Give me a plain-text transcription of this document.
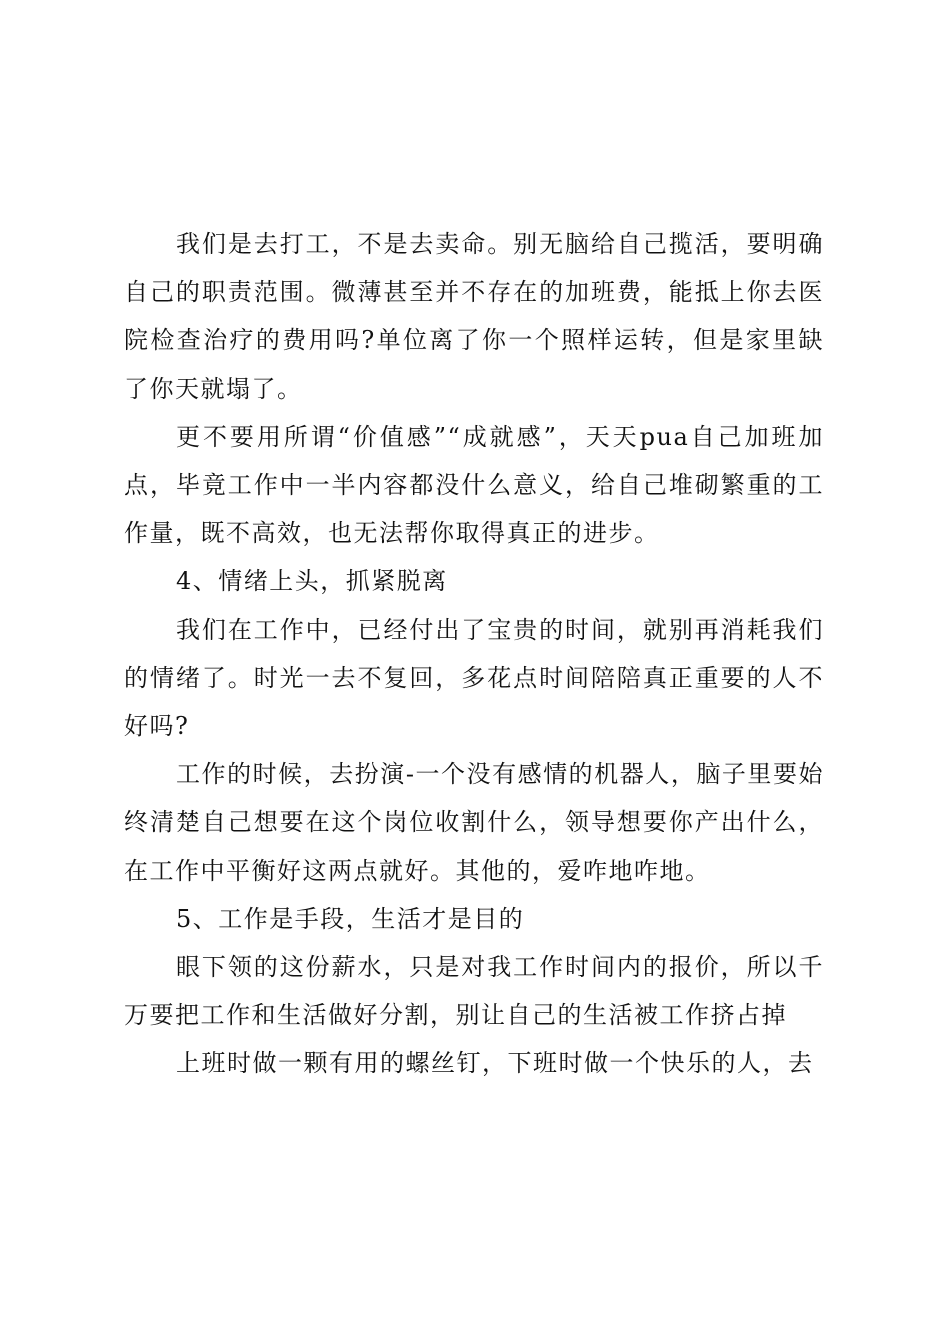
我们是去打工，不是去卖命。别无脑给自己揽活，要明确自己的职责范围。微薄甚至并不存在的加班费，能抵上你去医院检查治疗的费用吗?单位离了你一个照样运转，但是家里缺了你天就塌了。

更不要用所谓“价值感”“成就感”，天天pua自己加班加点，毕竟工作中一半内容都没什么意义，给自己堆砌繁重的工作量，既不高效，也无法帮你取得真正的进步。

4、情绪上头，抓紧脱离

我们在工作中，已经付出了宝贵的时间，就别再消耗我们的情绪了。时光一去不复回，多花点时间陪陪真正重要的人不好吗?

工作的时候，去扮演-一个没有感情的机器人，脑子里要始终清楚自己想要在这个岗位收割什么，领导想要你产出什么，在工作中平衡好这两点就好。其他的，爱咋地咋地。

5、工作是手段，生活才是目的

眼下领的这份薪水，只是对我工作时间内的报价，所以千万要把工作和生活做好分割，别让自己的生活被工作挤占掉

上班时做一颗有用的螺丝钉，下班时做一个快乐的人，去
